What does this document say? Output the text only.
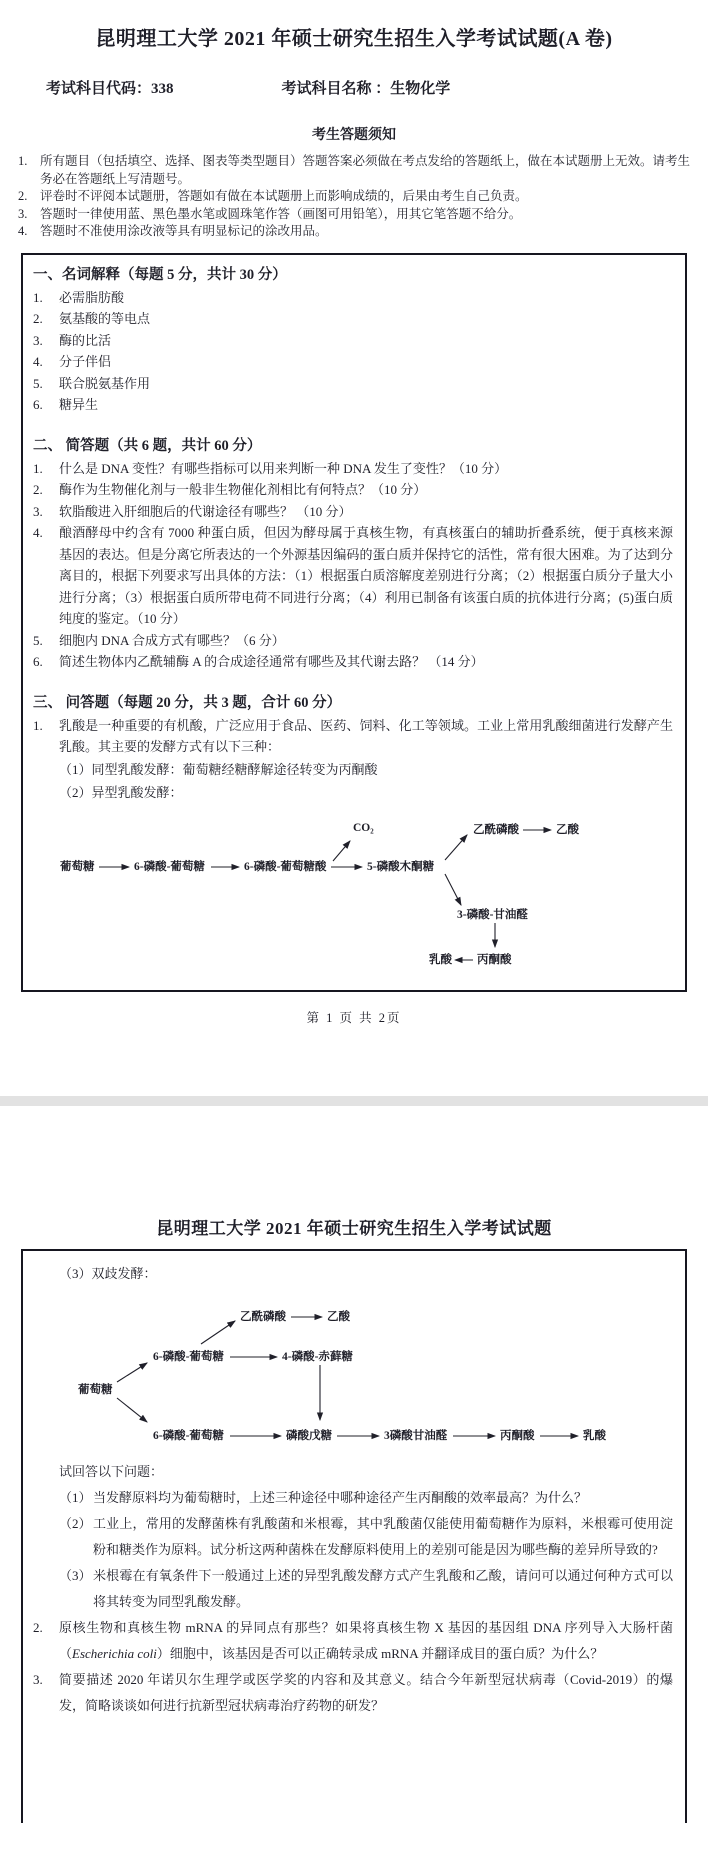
昆明理工大学 2021 年硕士研究生招生入学考试试题(A 卷)
考试科目代码：338	考试科目名称 ：生物化学
考生答题须知
1.	所有题目（包括填空、选择、图表等类型题目）答题答案必须做在考点发给的答题纸上，做在本试题册上无效。请考生务必在答题纸上写清题号。
2.	评卷时不评阅本试题册，答题如有做在本试题册上而影响成绩的，后果由考生自己负责。
3.	答题时一律使用蓝、黑色墨水笔或圆珠笔作答（画图可用铅笔），用其它笔答题不给分。
4.	答题时不准使用涂改液等具有明显标记的涂改用品。
一、名词解释（每题 5 分，共计 30 分）
1.	必需脂肪酸
2.	氨基酸的等电点
3.	酶的比活
4.	分子伴侣
5.	联合脱氨基作用
6.	糖异生
二、 简答题（共 6 题，共计 60 分）
1.	什么是 DNA 变性？有哪些指标可以用来判断一种 DNA 发生了变性？（10 分）
2.	酶作为生物催化剂与一般非生物催化剂相比有何特点？（10 分）
3.	软脂酸进入肝细胞后的代谢途径有哪些？ （10 分）
4.	酿酒酵母中约含有 7000 种蛋白质，但因为酵母属于真核生物，有真核蛋白的辅助折叠系统，便于真核来源基因的表达。但是分离它所表达的一个外源基因编码的蛋白质并保持它的活性，常有很大困难。为了达到分离目的，根据下列要求写出具体的方法：（1）根据蛋白质溶解度差别进行分离；（2）根据蛋白质分子量大小进行分离；（3）根据蛋白质所带电荷不同进行分离；（4）利用已制备有该蛋白质的抗体进行分离；(5)蛋白质纯度的鉴定。（10 分）
5.	细胞内 DNA 合成方式有哪些？（6 分）
6.	简述生物体内乙酰辅酶 A 的合成途径通常有哪些及其代谢去路？ （14 分）
三、 问答题（每题 20 分，共 3 题，合计 60 分）
1.	乳酸是一种重要的有机酸，广泛应用于食品、医药、饲料、化工等领域。工业上常用乳酸细菌进行发酵产生乳酸。其主要的发酵方式有以下三种：
（1）同型乳酸发酵：葡萄糖经糖酵解途径转变为丙酮酸
（2）异型乳酸发酵：
葡萄糖	6-磷酸-葡萄糖	6-磷酸-葡萄糖酸
CO₂
5-磷酸木酮糖
乙酰磷酸	乙酸
3-磷酸-甘油醛
丙酮酸
乳酸
第 1 页 共 2页
昆明理工大学 2021 年硕士研究生招生入学考试试题
（3）双歧发酵：
乙酰磷酸	乙酸
6-磷酸-葡萄糖	4-磷酸-赤藓糖
葡萄糖
6-磷酸-葡萄糖	磷酸戊糖	3磷酸甘油醛	丙酮酸	乳酸
试回答以下问题：
（1） 当发酵原料均为葡萄糖时，上述三种途径中哪种途径产生丙酮酸的效率最高？为什么？
（2） 工业上，常用的发酵菌株有乳酸菌和米根霉，其中乳酸菌仅能使用葡萄糖作为原料，米根霉可使用淀粉和糖类作为原料。试分析这两种菌株在发酵原料使用上的差别可能是因为哪些酶的差异所导致的?
（3） 米根霉在有氧条件下一般通过上述的异型乳酸发酵方式产生乳酸和乙酸，请问可以通过何种方式可以将其转变为同型乳酸发酵。
2.	原核生物和真核生物 mRNA 的异同点有那些？如果将真核生物 X 基因的基因组 DNA 序列导入大肠杆菌（Escherichia coli）细胞中，该基因是否可以正确转录成 mRNA 并翻译成目的蛋白质？为什么？
3.	简要描述 2020 年诺贝尔生理学或医学奖的内容和及其意义。结合今年新型冠状病毒（Covid-2019）的爆发，简略谈谈如何进行抗新型冠状病毒治疗药物的研发？
